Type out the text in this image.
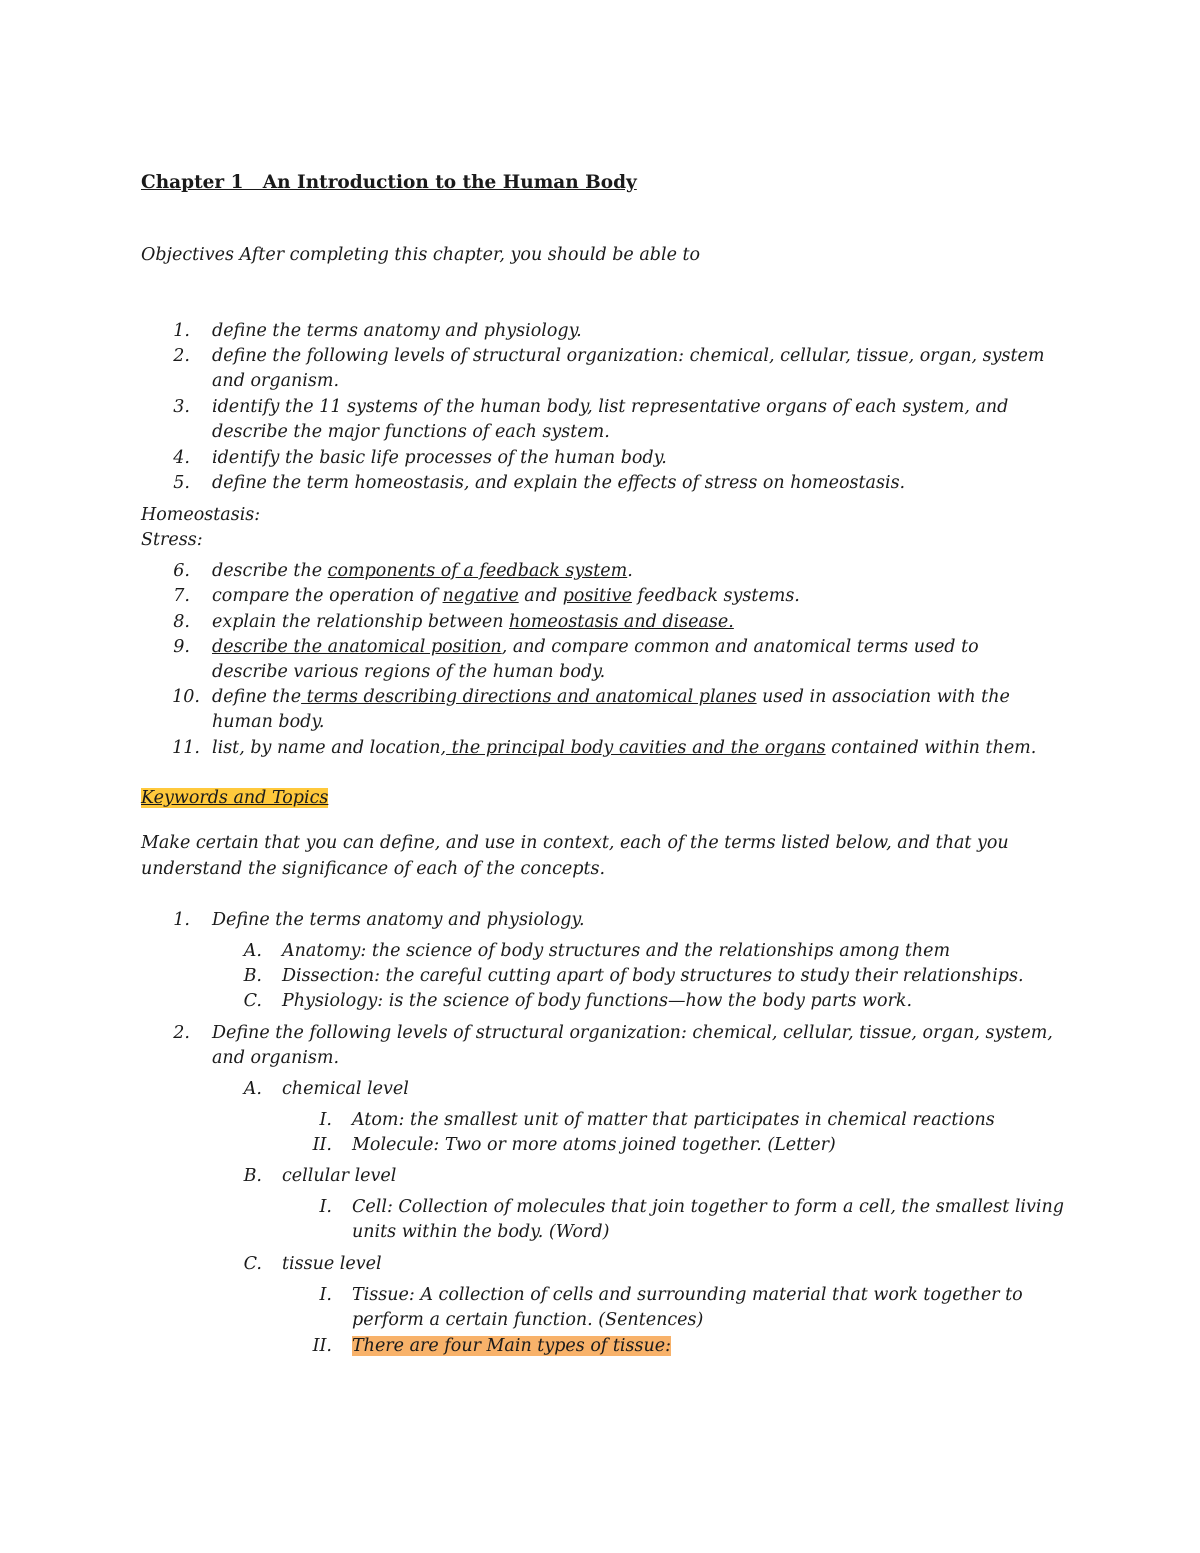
Chapter 1   An Introduction to the Human Body
Objectives After completing this chapter, you should be able to
1. define the terms anatomy and physiology.
2. define the following levels of structural organization: chemical, cellular, tissue, organ, system
and organism.
3. identify the 11 systems of the human body, list representative organs of each system, and
describe the major functions of each system.
4. identify the basic life processes of the human body.
5. define the term homeostasis, and explain the effects of stress on homeostasis.
Homeostasis:
Stress:
6. describe the components of a feedback system.
7. compare the operation of negative and positive feedback systems.
8. explain the relationship between homeostasis and disease.
9. describe the anatomical position, and compare common and anatomical terms used to
describe various regions of the human body.
10. define the terms describing directions and anatomical planes used in association with the
human body.
11. list, by name and location, the principal body cavities and the organs contained within them.
Keywords and Topics
Make certain that you can define, and use in context, each of the terms listed below, and that you
understand the significance of each of the concepts.
1. Define the terms anatomy and physiology.
A. Anatomy: the science of body structures and the relationships among them
B. Dissection: the careful cutting apart of body structures to study their relationships.
C. Physiology: is the science of body functions—how the body parts work.
2. Define the following levels of structural organization: chemical, cellular, tissue, organ, system,
and organism.
A. chemical level
I. Atom: the smallest unit of matter that participates in chemical reactions
II. Molecule: Two or more atoms joined together. (Letter)
B. cellular level
I. Cell: Collection of molecules that join together to form a cell, the smallest living
units within the body. (Word)
C. tissue level
I. Tissue: A collection of cells and surrounding material that work together to
perform a certain function. (Sentences)
II. There are four Main types of tissue:
